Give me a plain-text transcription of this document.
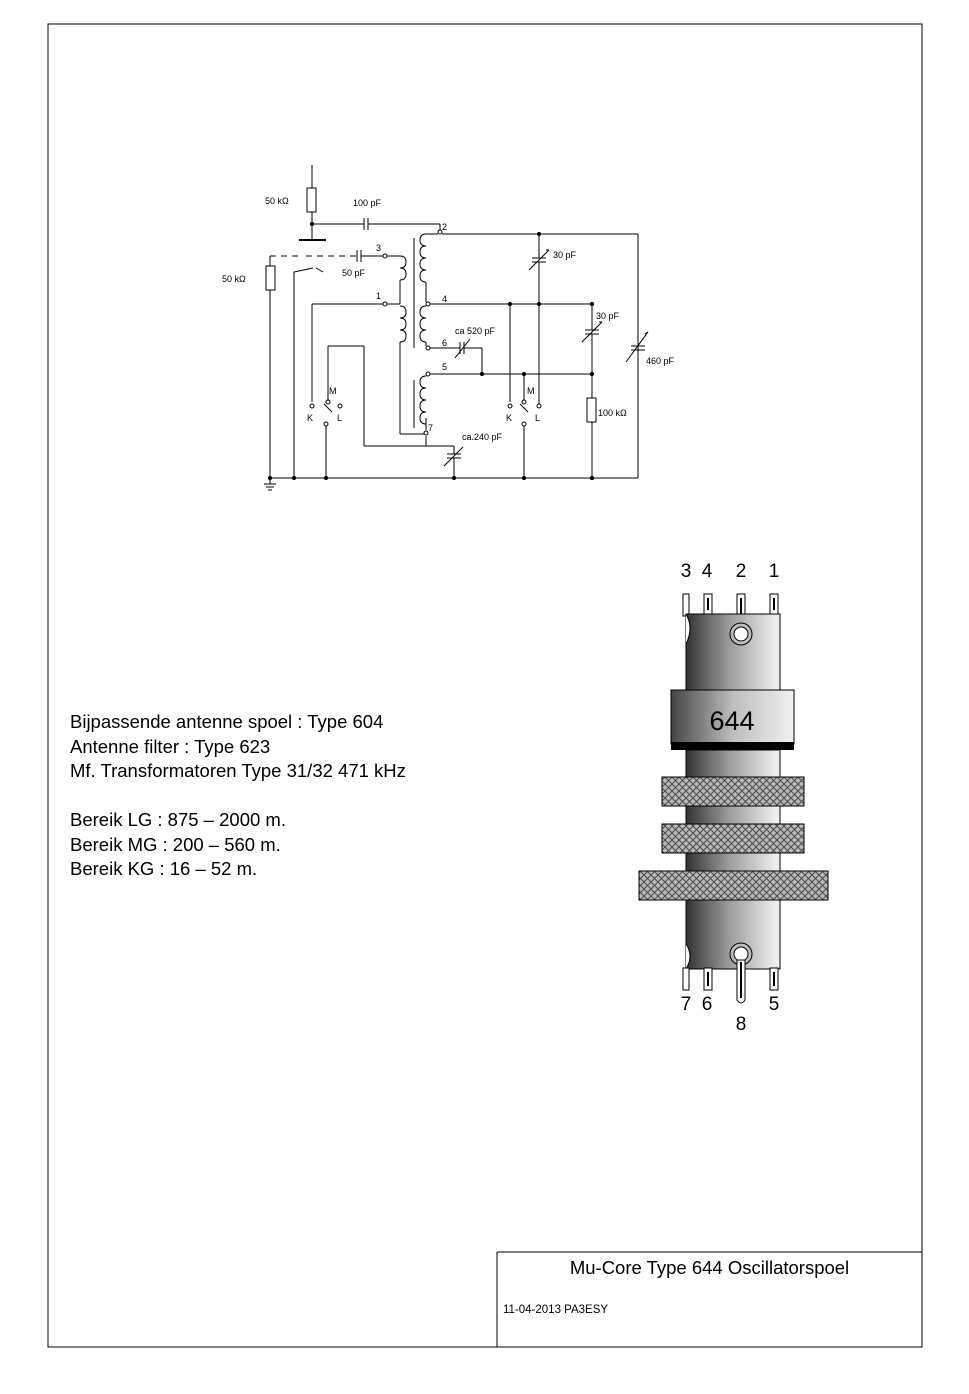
50 kΩ
50 kΩ
100 pF
50 pF
30 pF
30 pF
460 pF
ca 520 pF
ca.240 pF
100 kΩ
3
2
1	4
6
5
7
M
K	L
M
K	L
644
3 4 2 1
7 6
8
5
Bijpassende antenne spoel : Type 604
Antenne filter : Type 623
Mf. Transformatoren Type 31/32 471 kHz
Bereik LG : 875 – 2000 m.
Bereik MG : 200 – 560 m.
Bereik KG : 16 – 52 m.
Mu-Core Type 644 Oscillatorspoel
11-04-2013 PA3ESY
